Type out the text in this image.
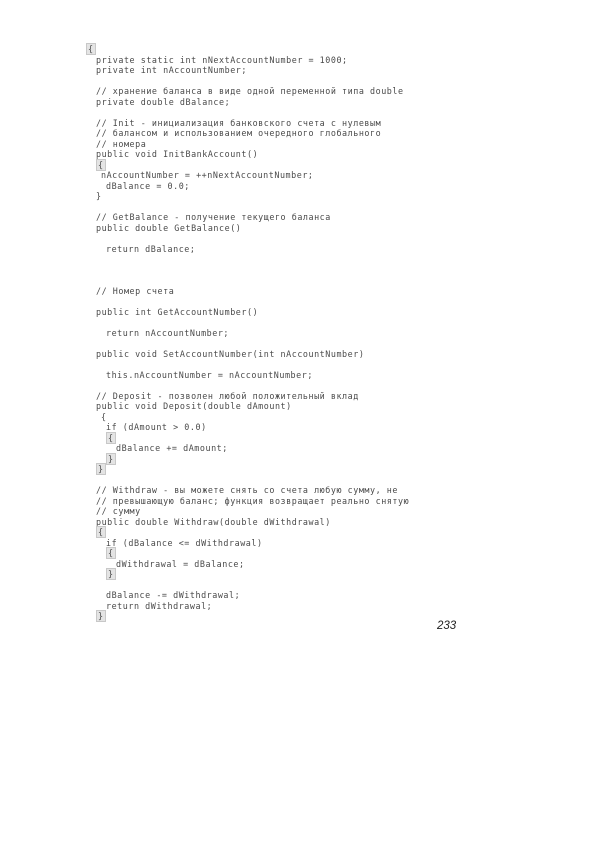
{
private static int nNextAccountNumber = 1000;
private int nAccountNumber;
// хранение баланса в виде одной переменной типа double
private double dBalance;
// Init - инициализация банковского счета с нулевым
// балансом и использованием очередного глобального
// номера
public void InitBankAccount()
{
nAccountNumber = ++nNextAccountNumber;
dBalance = 0.0;
}
// GetBalance - получение текущего баланса
public double GetBalance()
return dBalance;
// Номер счета
public int GetAccountNumber()
return nAccountNumber;
public void SetAccountNumber(int nAccountNumber)
this.nAccountNumber = nAccountNumber;
// Deposit - позволен любой положительный вклад
public void Deposit(double dAmount)
{
if (dAmount > 0.0)
{
dBalance += dAmount;
}
}
// Withdraw - вы можете снять со счета любую сумму, не
// превышающую баланс; функция возвращает реально снятую
// сумму
public double Withdraw(double dWithdrawal)
{
if (dBalance <= dWithdrawal)
{
dWithdrawal = dBalance;
}
dBalance -= dWithdrawal;
return dWithdrawal;
}
233
